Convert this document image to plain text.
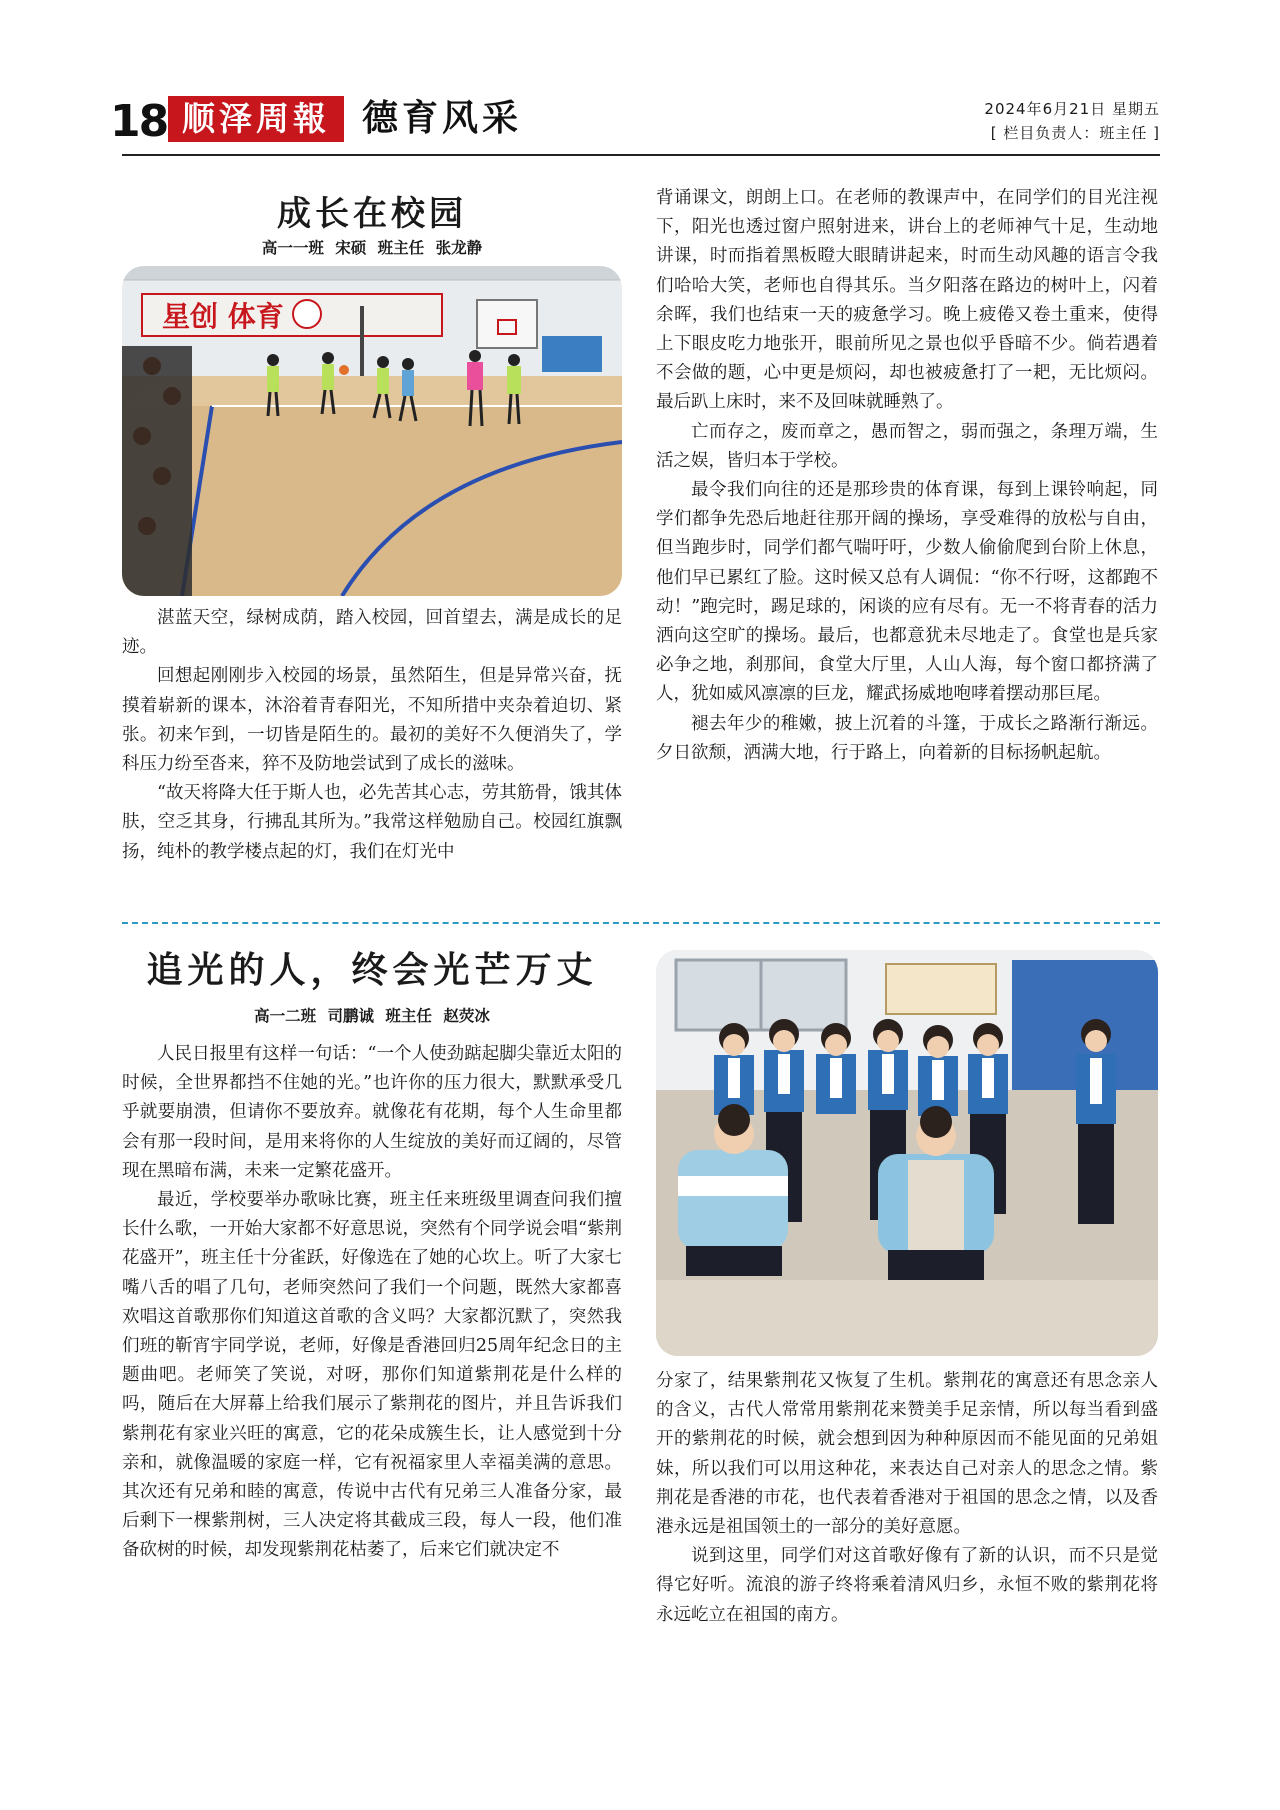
18 顺泽周報 德育风采	2024年6月21日 星期五
[ 栏目负责人：班主任 ]
成长在校园
高一一班 宋硕 班主任 张龙静
星创 体育

湛蓝天空，绿树成荫，踏入校园，回首望去，满是成长的足迹。

回想起刚刚步入校园的场景，虽然陌生，但是异常兴奋，抚摸着崭新的课本，沐浴着青春阳光，不知所措中夹杂着迫切、紧张。初来乍到，一切皆是陌生的。最初的美好不久便消失了，学科压力纷至沓来，猝不及防地尝试到了成长的滋味。

“故天将降大任于斯人也，必先苦其心志，劳其筋骨，饿其体肤，空乏其身，行拂乱其所为。”我常这样勉励自己。校园红旗飘扬，纯朴的教学楼点起的灯，我们在灯光中

背诵课文，朗朗上口。在老师的教课声中，在同学们的目光注视下，阳光也透过窗户照射进来，讲台上的老师神气十足，生动地讲课，时而指着黑板瞪大眼睛讲起来，时而生动风趣的语言令我们哈哈大笑，老师也自得其乐。当夕阳落在路边的树叶上，闪着余晖，我们也结束一天的疲惫学习。晚上疲倦又卷土重来，使得上下眼皮吃力地张开，眼前所见之景也似乎昏暗不少。倘若遇着不会做的题，心中更是烦闷，却也被疲惫打了一耙，无比烦闷。最后趴上床时，来不及回味就睡熟了。

亡而存之，废而章之，愚而智之，弱而强之，条理万端，生活之娱，皆归本于学校。

最令我们向往的还是那珍贵的体育课，每到上课铃响起，同学们都争先恐后地赶往那开阔的操场，享受难得的放松与自由，但当跑步时，同学们都气喘吁吁，少数人偷偷爬到台阶上休息，他们早已累红了脸。这时候又总有人调侃：“你不行呀，这都跑不动！”跑完时，踢足球的，闲谈的应有尽有。无一不将青春的活力洒向这空旷的操场。最后，也都意犹未尽地走了。食堂也是兵家必争之地，刹那间，食堂大厅里，人山人海，每个窗口都挤满了人，犹如威风凛凛的巨龙，耀武扬威地咆哮着摆动那巨尾。

褪去年少的稚嫩，披上沉着的斗篷，于成长之路渐行渐远。夕日欲颓，洒满大地，行于路上，向着新的目标扬帆起航。

追光的人，终会光芒万丈
高一二班 司鹏诚 班主任 赵荧冰

人民日报里有这样一句话：“一个人使劲踮起脚尖靠近太阳的时候，全世界都挡不住她的光。”也许你的压力很大，默默承受几乎就要崩溃，但请你不要放弃。就像花有花期，每个人生命里都会有那一段时间，是用来将你的人生绽放的美好而辽阔的，尽管现在黑暗布满，未来一定繁花盛开。

最近，学校要举办歌咏比赛，班主任来班级里调查问我们擅长什么歌，一开始大家都不好意思说，突然有个同学说会唱“紫荆花盛开”，班主任十分雀跃，好像选在了她的心坎上。听了大家七嘴八舌的唱了几句，老师突然问了我们一个问题，既然大家都喜欢唱这首歌那你们知道这首歌的含义吗？大家都沉默了，突然我们班的靳宵宇同学说，老师，好像是香港回归25周年纪念日的主题曲吧。老师笑了笑说，对呀，那你们知道紫荆花是什么样的吗，随后在大屏幕上给我们展示了紫荆花的图片，并且告诉我们紫荆花有家业兴旺的寓意，它的花朵成簇生长，让人感觉到十分亲和，就像温暖的家庭一样，它有祝福家里人幸福美满的意思。其次还有兄弟和睦的寓意，传说中古代有兄弟三人准备分家，最后剩下一棵紫荆树，三人决定将其截成三段，每人一段，他们准备砍树的时候，却发现紫荆花枯萎了，后来它们就决定不

分家了，结果紫荆花又恢复了生机。紫荆花的寓意还有思念亲人的含义，古代人常常用紫荆花来赞美手足亲情，所以每当看到盛开的紫荆花的时候，就会想到因为种种原因而不能见面的兄弟姐妹，所以我们可以用这种花，来表达自己对亲人的思念之情。紫荆花是香港的市花，也代表着香港对于祖国的思念之情，以及香港永远是祖国领土的一部分的美好意愿。

说到这里，同学们对这首歌好像有了新的认识，而不只是觉得它好听。流浪的游子终将乘着清风归乡，永恒不败的紫荆花将永远屹立在祖国的南方。
